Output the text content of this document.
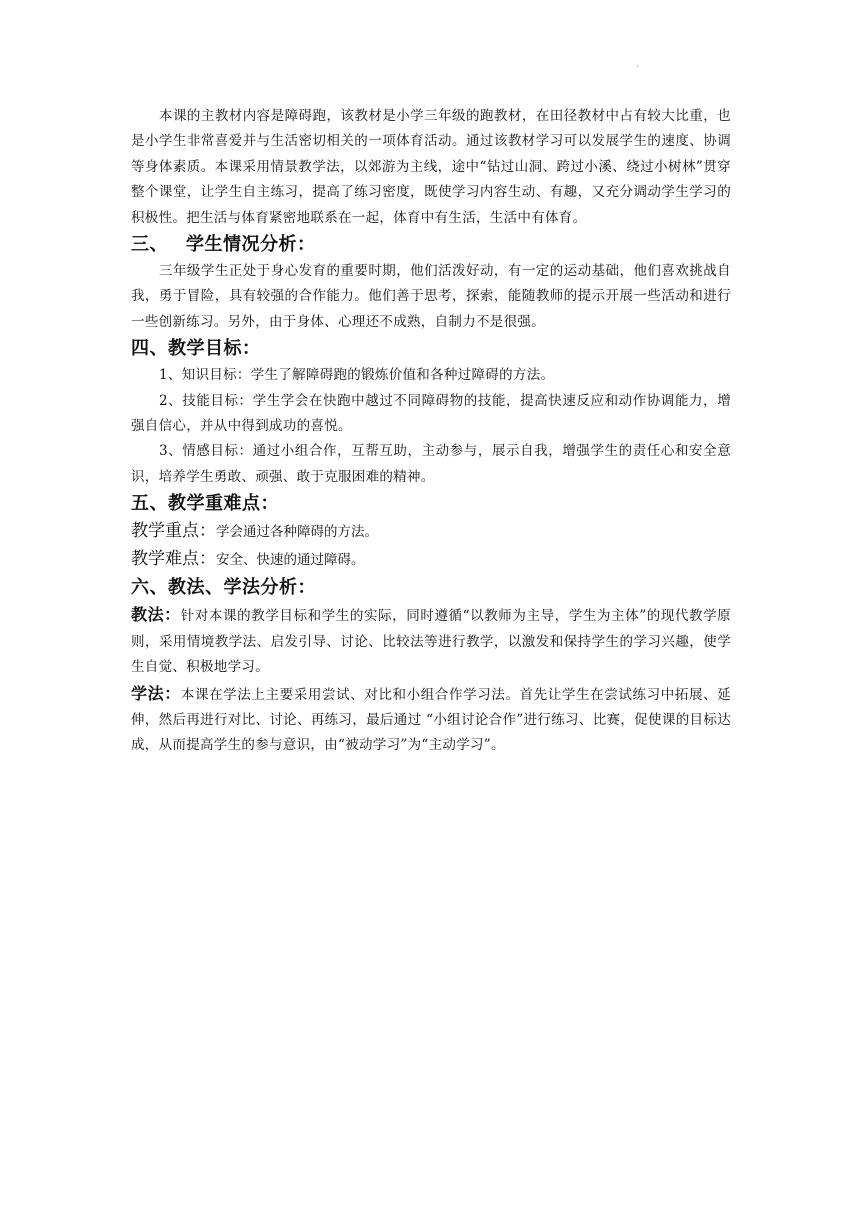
·

本课的主教材内容是障碍跑，该教材是小学三年级的跑教材，在田径教材中占有较大比重，也是小学生非常喜爱并与生活密切相关的一项体育活动。通过该教材学习可以发展学生的速度、协调等身体素质。本课采用情景教学法，以郊游为主线，途中“钻过山洞、跨过小溪、绕过小树林”贯穿整个课堂，让学生自主练习，提高了练习密度，既使学习内容生动、有趣，又充分调动学生学习的积极性。把生活与体育紧密地联系在一起，体育中有生活，生活中有体育。

三、 学生情况分析：

三年级学生正处于身心发育的重要时期，他们活泼好动，有一定的运动基础，他们喜欢挑战自我，勇于冒险，具有较强的合作能力。他们善于思考，探索，能随教师的提示开展一些活动和进行一些创新练习。另外，由于身体、心理还不成熟，自制力不是很强。

四、教学目标：

1、知识目标：学生了解障碍跑的锻炼价值和各种过障碍的方法。

2、技能目标：学生学会在快跑中越过不同障碍物的技能，提高快速反应和动作协调能力，增强自信心，并从中得到成功的喜悦。

3、情感目标：通过小组合作，互帮互助，主动参与，展示自我，增强学生的责任心和安全意识，培养学生勇敢、顽强、敢于克服困难的精神。

五、教学重难点：
教学重点：学会通过各种障碍的方法。
教学难点：安全、快速的通过障碍。
六、教法、学法分析：

教法：针对本课的教学目标和学生的实际，同时遵循“以教师为主导，学生为主体”的现代教学原则，采用情境教学法、启发引导、讨论、比较法等进行教学，以激发和保持学生的学习兴趣，使学生自觉、积极地学习。

学法：本课在学法上主要采用尝试、对比和小组合作学习法。首先让学生在尝试练习中拓展、延伸，然后再进行对比、讨论、再练习，最后通过 “小组讨论合作”进行练习、比赛，促使课的目标达成，从而提高学生的参与意识，由“被动学习”为“主动学习”。
